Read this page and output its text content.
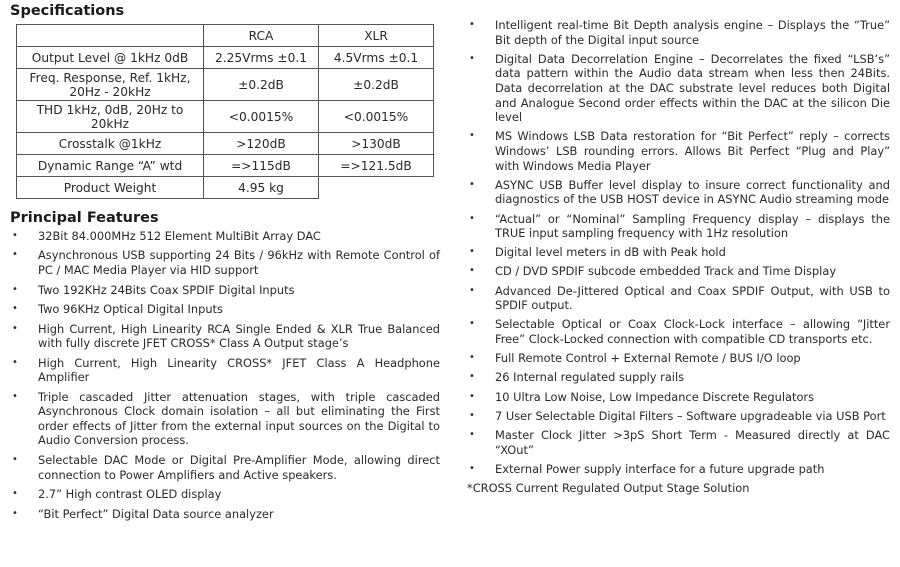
Specifications
	RCA	XLR
Output Level @ 1kHz 0dB	2.25Vrms ±0.1	4.5Vrms ±0.1
Freq. Response, Ref. 1kHz, 20Hz - 20kHz	±0.2dB	±0.2dB
THD 1kHz, 0dB, 20Hz to 20kHz	<0.0015%	<0.0015%
Crosstalk @1kHz	>120dB	>130dB
Dynamic Range “A” wtd	=>115dB	=>121.5dB
Product Weight	4.95 kg	
Principal Features
• 32Bit 84.000MHz 512 Element MultiBit Array DAC
• Asynchronous USB supporting 24 Bits / 96kHz with Remote Control of PC / MAC Media Player via HID support
• Two 192KHz 24Bits Coax SPDIF Digital Inputs
• Two 96KHz Optical Digital Inputs
• High Current, High Linearity RCA Single Ended & XLR True Balanced with fully discrete JFET CROSS* Class A Output stage’s
• High Current, High Linearity CROSS* JFET Class A Headphone Amplifier
• Triple cascaded Jitter attenuation stages, with triple cascaded Asynchronous Clock domain isolation – all but eliminating the First order effects of Jitter from the external input sources on the Digital to Audio Conversion process.
• Selectable DAC Mode or Digital Pre-Amplifier Mode, allowing direct connection to Power Amplifiers and Active speakers.
• 2.7” High contrast OLED display
• “Bit Perfect” Digital Data source analyzer
• Intelligent real-time Bit Depth analysis engine – Displays the “True” Bit depth of the Digital input source
• Digital Data Decorrelation Engine – Decorrelates the fixed “LSB’s” data pattern within the Audio data stream when less then 24Bits. Data decorrelation at the DAC substrate level reduces both Digital and Analogue Second order effects within the DAC at the silicon Die level
• MS Windows LSB Data restoration for “Bit Perfect” reply – corrects Windows’ LSB rounding errors. Allows Bit Perfect “Plug and Play” with Windows Media Player
• ASYNC USB Buffer level display to insure correct functionality and diagnostics of the USB HOST device in ASYNC Audio streaming mode
• “Actual” or “Nominal” Sampling Frequency display – displays the TRUE input sampling frequency with 1Hz resolution
• Digital level meters in dB with Peak hold
• CD / DVD SPDIF subcode embedded Track and Time Display
• Advanced De-Jittered Optical and Coax SPDIF Output, with USB to SPDIF output.
• Selectable Optical or Coax Clock-Lock interface – allowing “Jitter Free” Clock-Locked connection with compatible CD transports etc.
• Full Remote Control + External Remote / BUS I/O loop
• 26 Internal regulated supply rails
• 10 Ultra Low Noise, Low Impedance Discrete Regulators
• 7 User Selectable Digital Filters – Software upgradeable via USB Port
• Master Clock Jitter >3pS Short Term - Measured directly at DAC “XOut”
• External Power supply interface for a future upgrade path
*CROSS Current Regulated Output Stage Solution
